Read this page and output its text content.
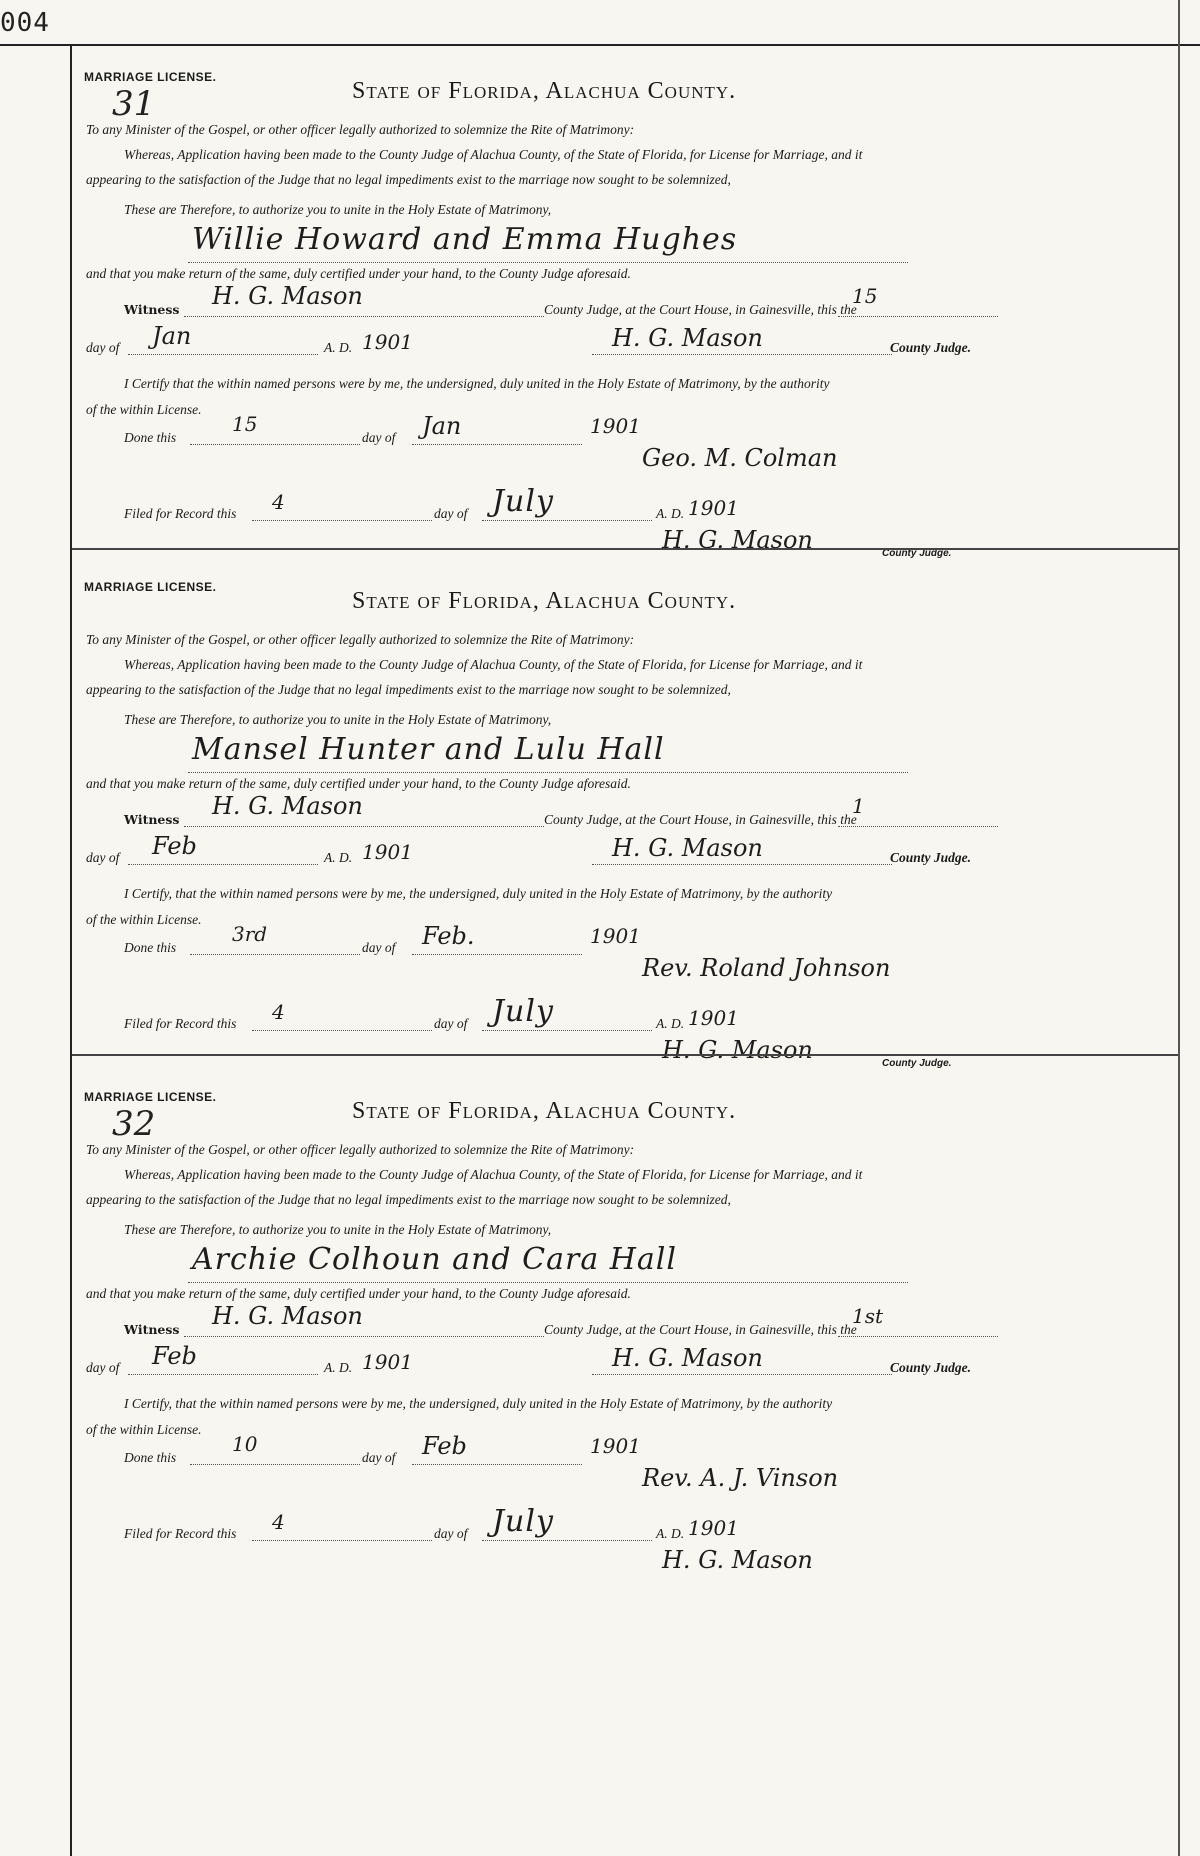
004
MARRIAGE LICENSE.
31	State of Florida, Alachua County.
To any Minister of the Gospel, or other officer legally authorized to solemnize the Rite of Matrimony:
Whereas, Application having been made to the County Judge of Alachua County, of the State of Florida, for License for Marriage, and it
appearing to the satisfaction of the Judge that no legal impediments exist to the marriage now sought to be solemnized,
These are Therefore, to authorize you to unite in the Holy Estate of Matrimony,
Willie Howard and Emma Hughes
and that you make return of the same, duly certified under your hand, to the County Judge aforesaid.
Witness H. G. Mason	County Judge, at the Court House, in Gainesville, this the
15
day of Jan	A. D. 1901	H. G. Mason	County Judge.
I Certify that the within named persons were by me, the undersigned, duly united in the Holy Estate of Matrimony, by the authority
of the within License.
Done this
15
day of Jan	1901
Geo. M. Colman
Filed for Record this 4	day of July	A. D. 1901
H. G. Mason	County Judge.
MARRIAGE LICENSE.
State of Florida, Alachua County.
To any Minister of the Gospel, or other officer legally authorized to solemnize the Rite of Matrimony:
Whereas, Application having been made to the County Judge of Alachua County, of the State of Florida, for License for Marriage, and it
appearing to the satisfaction of the Judge that no legal impediments exist to the marriage now sought to be solemnized,
These are Therefore, to authorize you to unite in the Holy Estate of Matrimony,
Mansel Hunter and Lulu Hall
and that you make return of the same, duly certified under your hand, to the County Judge aforesaid.
Witness H. G. Mason	County Judge, at the Court House, in Gainesville, this the
1
day of Feb	A. D. 1901	H. G. Mason	County Judge.
I Certify, that the within named persons were by me, the undersigned, duly united in the Holy Estate of Matrimony, by the authority
of the within License.
Done this
3rd
day of Feb.	1901
Rev. Roland Johnson
Filed for Record this 4	day of July	A. D. 1901
H. G. Mason	County Judge.
MARRIAGE LICENSE.
32	State of Florida, Alachua County.
To any Minister of the Gospel, or other officer legally authorized to solemnize the Rite of Matrimony:
Whereas, Application having been made to the County Judge of Alachua County, of the State of Florida, for License for Marriage, and it
appearing to the satisfaction of the Judge that no legal impediments exist to the marriage now sought to be solemnized,
These are Therefore, to authorize you to unite in the Holy Estate of Matrimony,
Archie Colhoun and Cara Hall
and that you make return of the same, duly certified under your hand, to the County Judge aforesaid.
Witness H. G. Mason	County Judge, at the Court House, in Gainesville, this the
1st
day of Feb	A. D. 1901	H. G. Mason	County Judge.
I Certify, that the within named persons were by me, the undersigned, duly united in the Holy Estate of Matrimony, by the authority
of the within License.
Done this
10
day of Feb	1901
Rev. A. J. Vinson
Filed for Record this 4	day of July	A. D. 1901
H. G. Mason
